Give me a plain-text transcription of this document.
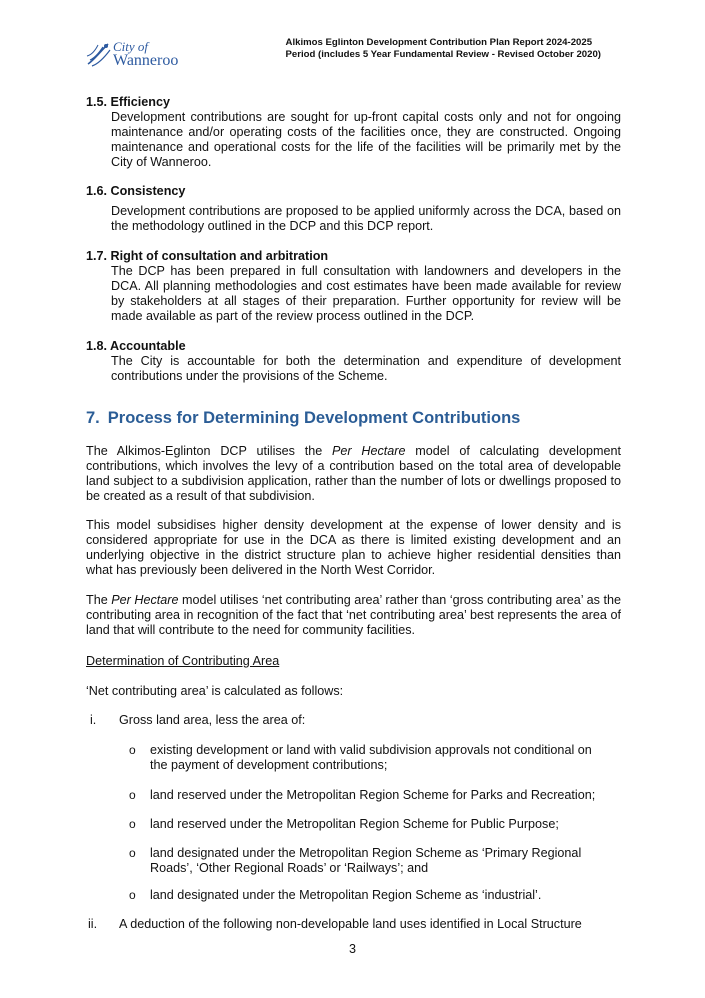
City of
Wanneroo
Alkimos Eglinton Development Contribution Plan Report 2024-2025
Period (includes 5 Year Fundamental Review - Revised October 2020)
1.5. Efficiency
Development contributions are sought for up-front capital costs only and not for ongoing maintenance and/or operating costs of the facilities once, they are constructed. Ongoing maintenance and operational costs for the life of the facilities will be primarily met by the City of Wanneroo.
1.6. Consistency
Development contributions are proposed to be applied uniformly across the DCA, based on the methodology outlined in the DCP and this DCP report.
1.7. Right of consultation and arbitration
The DCP has been prepared in full consultation with landowners and developers in the DCA. All planning methodologies and cost estimates have been made available for review by stakeholders at all stages of their preparation. Further opportunity for review will be made available as part of the review process outlined in the DCP.
1.8. Accountable
The City is accountable for both the determination and expenditure of development contributions under the provisions of the Scheme.
7. Process for Determining Development Contributions
The Alkimos-Eglinton DCP utilises the Per Hectare model of calculating development contributions, which involves the levy of a contribution based on the total area of developable land subject to a subdivision application, rather than the number of lots or dwellings proposed to be created as a result of that subdivision.
This model subsidises higher density development at the expense of lower density and is considered appropriate for use in the DCA as there is limited existing development and an underlying objective in the district structure plan to achieve higher residential densities than what has previously been delivered in the North West Corridor.
The Per Hectare model utilises ‘net contributing area’ rather than ‘gross contributing area’ as the contributing area in recognition of the fact that ‘net contributing area’ best represents the area of land that will contribute to the need for community facilities.
Determination of Contributing Area
‘Net contributing area’ is calculated as follows:
i. Gross land area, less the area of:
o existing development or land with valid subdivision approvals not conditional on the payment of development contributions;
o land reserved under the Metropolitan Region Scheme for Parks and Recreation;
o land reserved under the Metropolitan Region Scheme for Public Purpose;
o land designated under the Metropolitan Region Scheme as ‘Primary Regional Roads’, ‘Other Regional Roads’ or ‘Railways’; and
o land designated under the Metropolitan Region Scheme as ‘industrial’.
ii. A deduction of the following non-developable land uses identified in Local Structure
3
